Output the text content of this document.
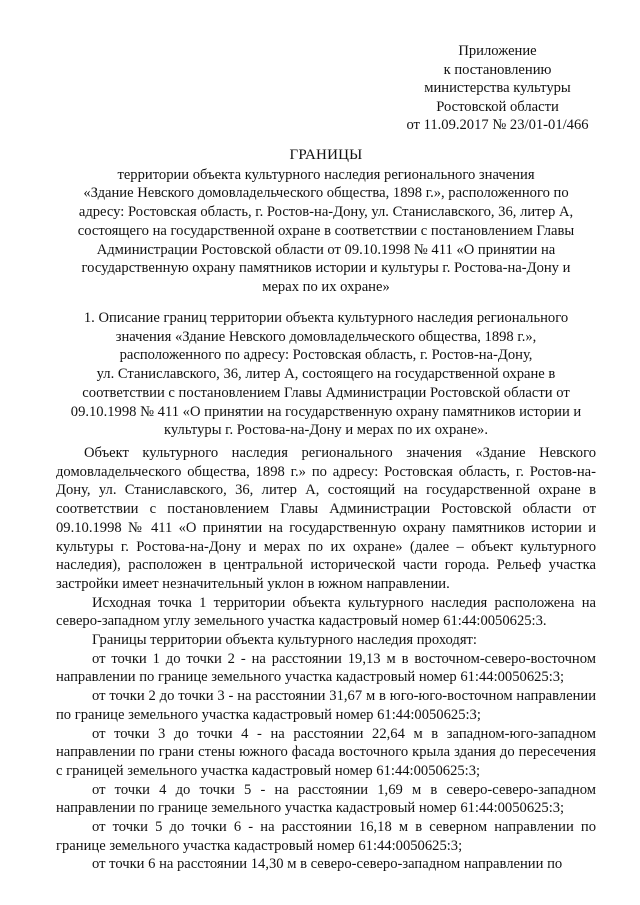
Приложение
к постановлению
министерства культуры
Ростовской области
от 11.09.2017 № 23/01-01/466
ГРАНИЦЫ
территории объекта культурного наследия регионального значения
«Здание Невского домовладельческого общества, 1898 г.», расположенного по
адресу: Ростовская область, г. Ростов-на-Дону, ул. Станиславского, 36, литер А,
состоящего на государственной охране в соответствии с постановлением Главы
Администрации Ростовской области от 09.10.1998 № 411 «О принятии на
государственную охрану памятников истории и культуры г. Ростова-на-Дону и
мерах по их охране»
1. Описание границ территории объекта культурного наследия регионального
значения «Здание Невского домовладельческого общества, 1898 г.»,
расположенного по адресу: Ростовская область, г. Ростов-на-Дону,
ул. Станиславского, 36, литер А, состоящего на государственной охране в
соответствии с постановлением Главы Администрации Ростовской области от
09.10.1998 № 411 «О принятии на государственную охрану памятников истории и
культуры г. Ростова-на-Дону и мерах по их охране».

Объект культурного наследия регионального значения «Здание Невского домовладельческого общества, 1898 г.» по адресу: Ростовская область, г. Ростов-на-Дону, ул. Станиславского, 36, литер А, состоящий на государственной охране в соответствии с постановлением Главы Администрации Ростовской области от 09.10.1998 № 411 «О принятии на государственную охрану памятников истории и культуры г. Ростова-на-Дону и мерах по их охране» (далее – объект культурного наследия), расположен в центральной исторической части города. Рельеф участка застройки имеет незначительный уклон в южном направлении.

Исходная точка 1 территории объекта культурного наследия расположена на северо-западном углу земельного участка кадастровый номер 61:44:0050625:3.

Границы территории объекта культурного наследия проходят:

от точки 1 до точки 2 - на расстоянии 19,13 м в восточном-северо-восточном направлении по границе земельного участка кадастровый номер 61:44:0050625:3;

от точки 2 до точки 3 - на расстоянии 31,67 м в юго-юго-восточном направлении по границе земельного участка кадастровый номер 61:44:0050625:3;

от точки 3 до точки 4 - на расстоянии 22,64 м в западном-юго-западном направлении по грани стены южного фасада восточного крыла здания до пересечения с границей земельного участка кадастровый номер 61:44:0050625:3;

от точки 4 до точки 5 - на расстоянии 1,69 м в северо-северо-западном направлении по границе земельного участка кадастровый номер 61:44:0050625:3;

от точки 5 до точки 6 - на расстоянии 16,18 м в северном направлении по границе земельного участка кадастровый номер 61:44:0050625:3;

от точки 6 на расстоянии 14,30 м в северо-северо-западном направлении по
